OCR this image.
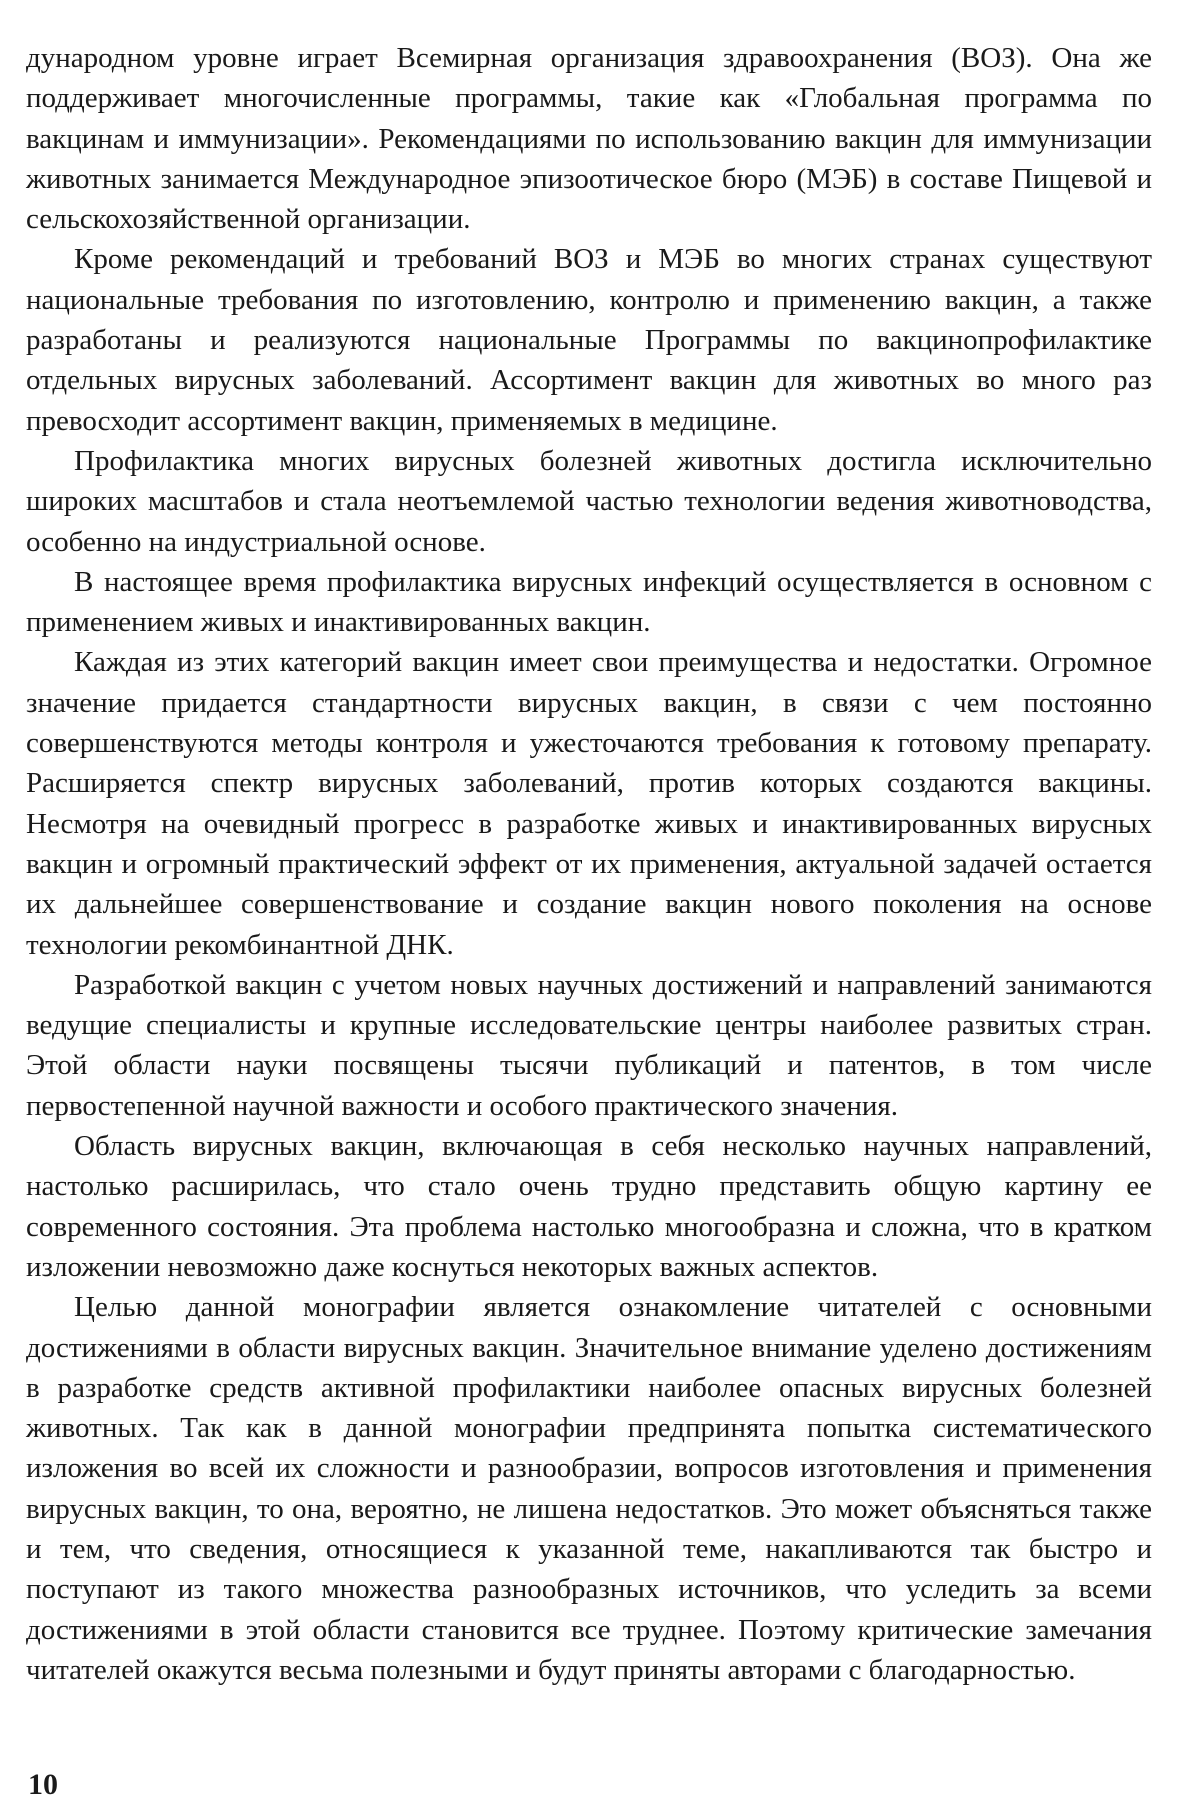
дународном уровне играет Всемирная организация здравоохранения (ВОЗ). Она же поддерживает многочисленные программы, такие как «Глобальная программа по вакцинам и иммунизации». Рекомендациями по использованию вакцин для иммунизации животных занимается Международное эпизоотическое бюро (МЭБ) в составе Пищевой и сельскохозяйственной организации.

Кроме рекомендаций и требований ВОЗ и МЭБ во многих странах существуют национальные требования по изготовлению, контролю и применению вакцин, а также разработаны и реализуются национальные Программы по вакцинопрофилактике отдельных вирусных заболеваний. Ассортимент вакцин для животных во много раз превосходит ассортимент вакцин, применяемых в медицине.

Профилактика многих вирусных болезней животных достигла исключительно широких масштабов и стала неотъемлемой частью технологии ведения животноводства, особенно на индустриальной основе.

В настоящее время профилактика вирусных инфекций осуществляется в основном с применением живых и инактивированных вакцин.

Каждая из этих категорий вакцин имеет свои преимущества и недостатки. Огромное значение придается стандартности вирусных вакцин, в связи с чем постоянно совершенствуются методы контроля и ужесточаются требования к готовому препарату. Расширяется спектр вирусных заболеваний, против которых создаются вакцины. Несмотря на очевидный прогресс в разработке живых и инактивированных вирусных вакцин и огромный практический эффект от их применения, актуальной задачей остается их дальнейшее совершенствование и создание вакцин нового поколения на основе технологии рекомбинантной ДНК.

Разработкой вакцин с учетом новых научных достижений и направлений занимаются ведущие специалисты и крупные исследовательские центры наиболее развитых стран. Этой области науки посвящены тысячи публикаций и патентов, в том числе первостепенной научной важности и особого практического значения.

Область вирусных вакцин, включающая в себя несколько научных направлений, настолько расширилась, что стало очень трудно представить общую картину ее современного состояния. Эта проблема настолько многообразна и сложна, что в кратком изложении невозможно даже коснуться некоторых важных аспектов.

Целью данной монографии является ознакомление читателей с основными достижениями в области вирусных вакцин. Значительное внимание уделено достижениям в разработке средств активной профилактики наиболее опасных вирусных болезней животных. Так как в данной монографии предпринята попытка систематического изложения во всей их сложности и разнообразии, вопросов изготовления и применения вирусных вакцин, то она, вероятно, не лишена недостатков. Это может объясняться также и тем, что сведения, относящиеся к указанной теме, накапливаются так быстро и поступают из такого множества разнообразных источников, что уследить за всеми достижениями в этой области становится все труднее. Поэтому критические замечания читателей окажутся весьма полезными и будут приняты авторами с благодарностью.

10
